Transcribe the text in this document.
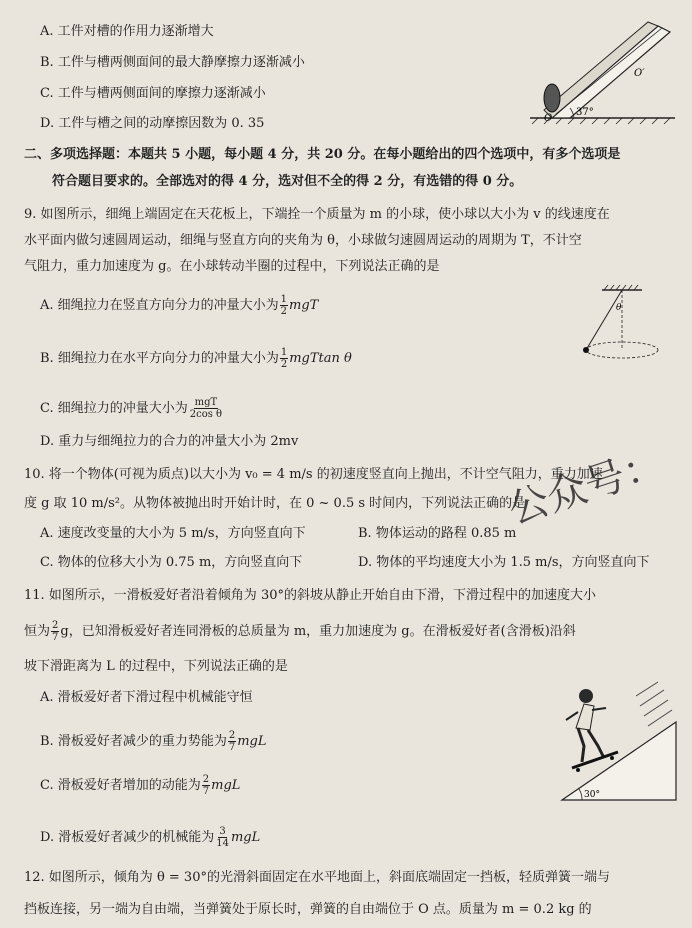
A. 工件对槽的作用力逐渐增大
B. 工件与槽两侧面间的最大静摩擦力逐渐减小
C. 工件与槽两侧面间的摩擦力逐渐减小
D. 工件与槽之间的动摩擦因数为 0. 35
O′
O
37°
二、多项选择题：本题共 5 小题，每小题 4 分，共 20 分。在每小题给出的四个选项中，有多个选项是
符合题目要求的。全部选对的得 4 分，选对但不全的得 2 分，有选错的得 0 分。
9. 如图所示，细绳上端固定在天花板上，下端拴一个质量为 m 的小球，使小球以大小为 v 的线速度在
水平面内做匀速圆周运动，细绳与竖直方向的夹角为 θ，小球做匀速圆周运动的周期为 T，不计空
气阻力，重力加速度为 g。在小球转动半圈的过程中，下列说法正确的是
A. 细绳拉力在竖直方向分力的冲量大小为 $\frac{1}{2}$ mgT
B. 细绳拉力在水平方向分力的冲量大小为 $\frac{1}{2}$ mgTtan θ
C. 细绳拉力的冲量大小为 $\frac{\text{mgT}}{\text{2cos θ}}$
D. 重力与细绳拉力的合力的冲量大小为 2mv
θ
10. 将一个物体(可视为质点)以大小为 v₀ = 4 m/s 的初速度竖直向上抛出，不计空气阻力，重力加速
度 g 取 10 m/s²。从物体被抛出时开始计时，在 0 ~ 0.5 s 时间内，下列说法正确的是
A. 速度改变量的大小为 5 m/s，方向竖直向下	B. 物体运动的路程 0.85 m
C. 物体的位移大小为 0.75 m，方向竖直向下	D. 物体的平均速度大小为 1.5 m/s，方向竖直向下
公众号：
11. 如图所示，一滑板爱好者沿着倾角为 30°的斜坡从静止开始自由下滑，下滑过程中的加速度大小
恒为 $\frac{2}{7}$ g，已知滑板爱好者连同滑板的总质量为 m，重力加速度为 g。在滑板爱好者(含滑板)沿斜
坡下滑距离为 L 的过程中，下列说法正确的是
A. 滑板爱好者下滑过程中机械能守恒
B. 滑板爱好者减少的重力势能为 $\frac{2}{7}$ mgL
C. 滑板爱好者增加的动能为 $\frac{2}{7}$ mgL
D. 滑板爱好者减少的机械能为 $\frac{3}{14}$ mgL
30°
12. 如图所示，倾角为 θ = 30°的光滑斜面固定在水平地面上，斜面底端固定一挡板，轻质弹簧一端与
挡板连接，另一端为自由端，当弹簧处于原长时，弹簧的自由端位于 O 点。质量为 m = 0.2 kg 的
